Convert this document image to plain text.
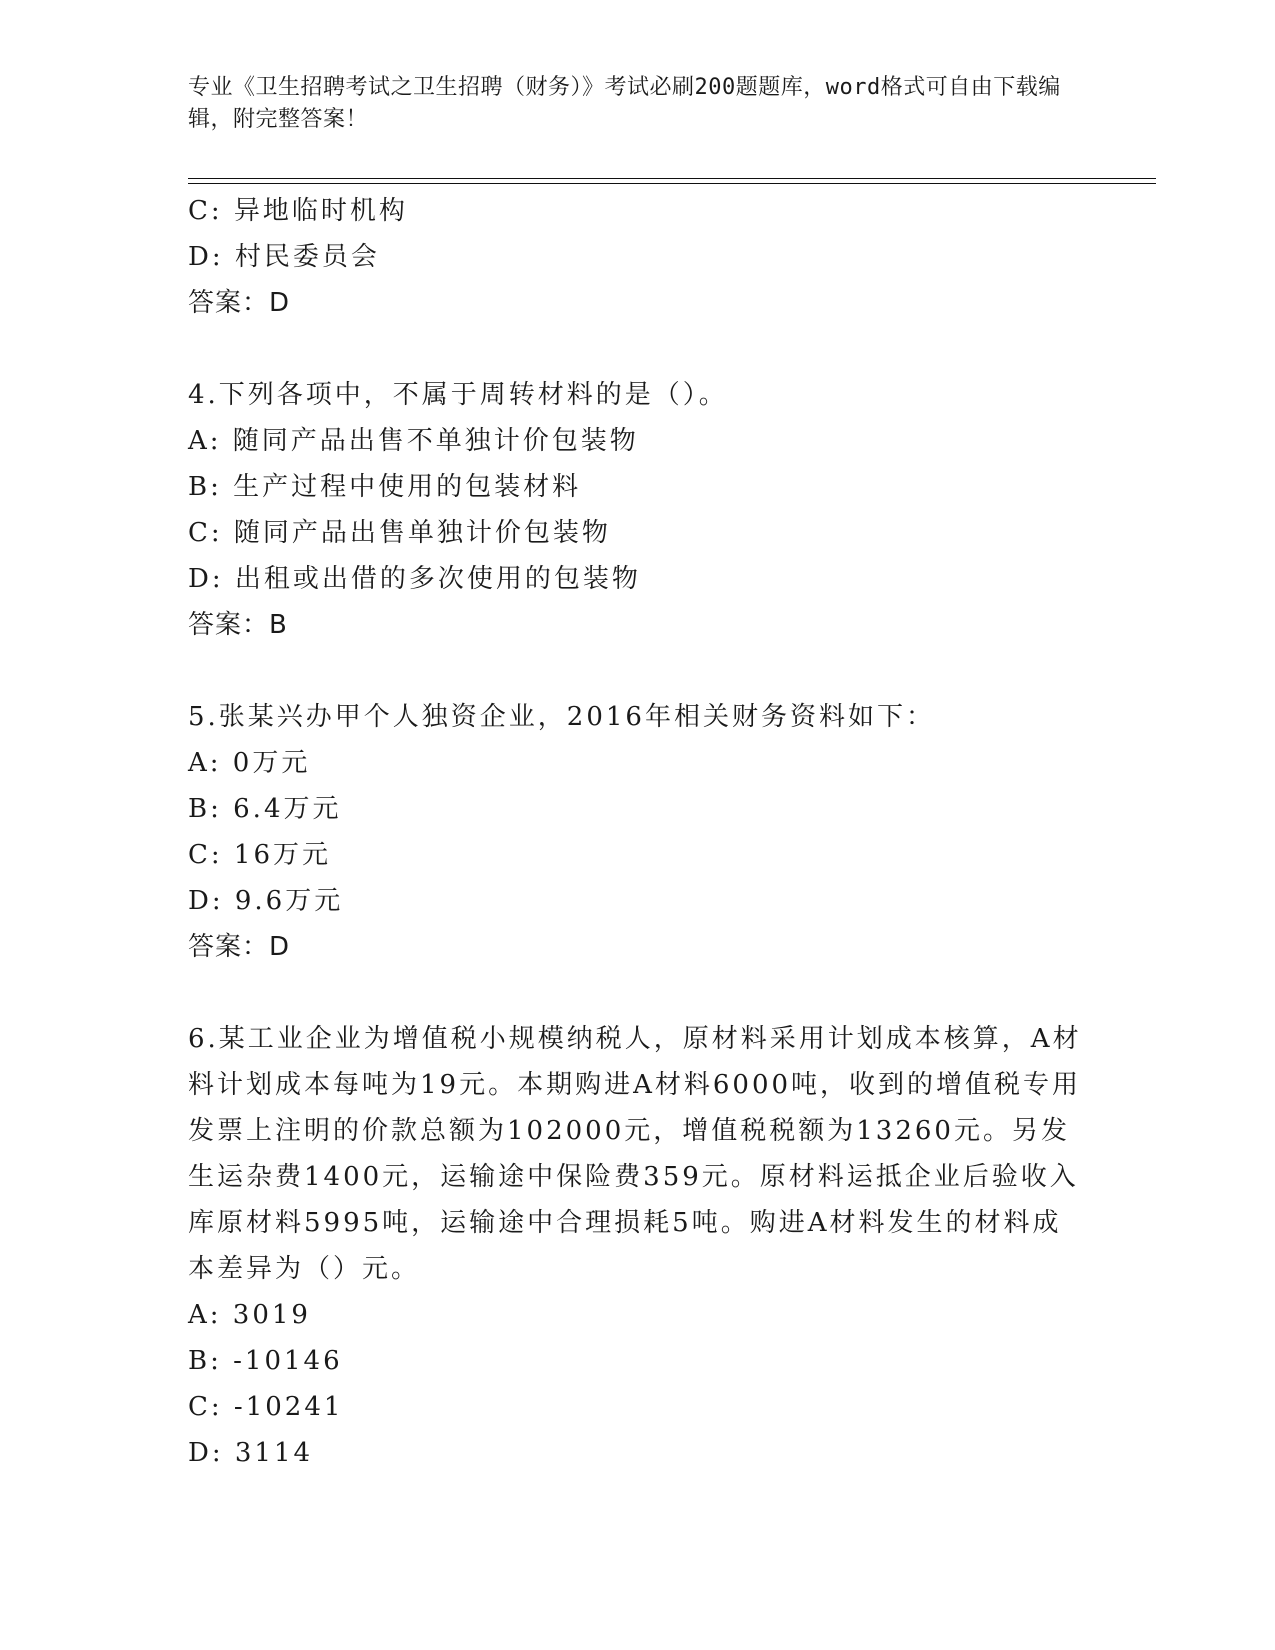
专业《卫生招聘考试之卫生招聘（财务）》考试必刷200题题库，word格式可自由下载编辑，附完整答案！
C: 异地临时机构
D: 村民委员会
答案：D
4.下列各项中，不属于周转材料的是（）。
A: 随同产品出售不单独计价包装物
B: 生产过程中使用的包装材料
C: 随同产品出售单独计价包装物
D: 出租或出借的多次使用的包装物
答案：B
5.张某兴办甲个人独资企业，2016年相关财务资料如下：
A: 0万元
B: 6.4万元
C: 16万元
D: 9.6万元
答案：D
6.某工业企业为增值税小规模纳税人，原材料采用计划成本核算，A材料计划成本每吨为19元。本期购进A材料6000吨，收到的增值税专用发票上注明的价款总额为102000元，增值税税额为13260元。另发生运杂费1400元，运输途中保险费359元。原材料运抵企业后验收入库原材料5995吨，运输途中合理损耗5吨。购进A材料发生的材料成本差异为（）元。
A: 3019
B: -10146
C: -10241
D: 3114
